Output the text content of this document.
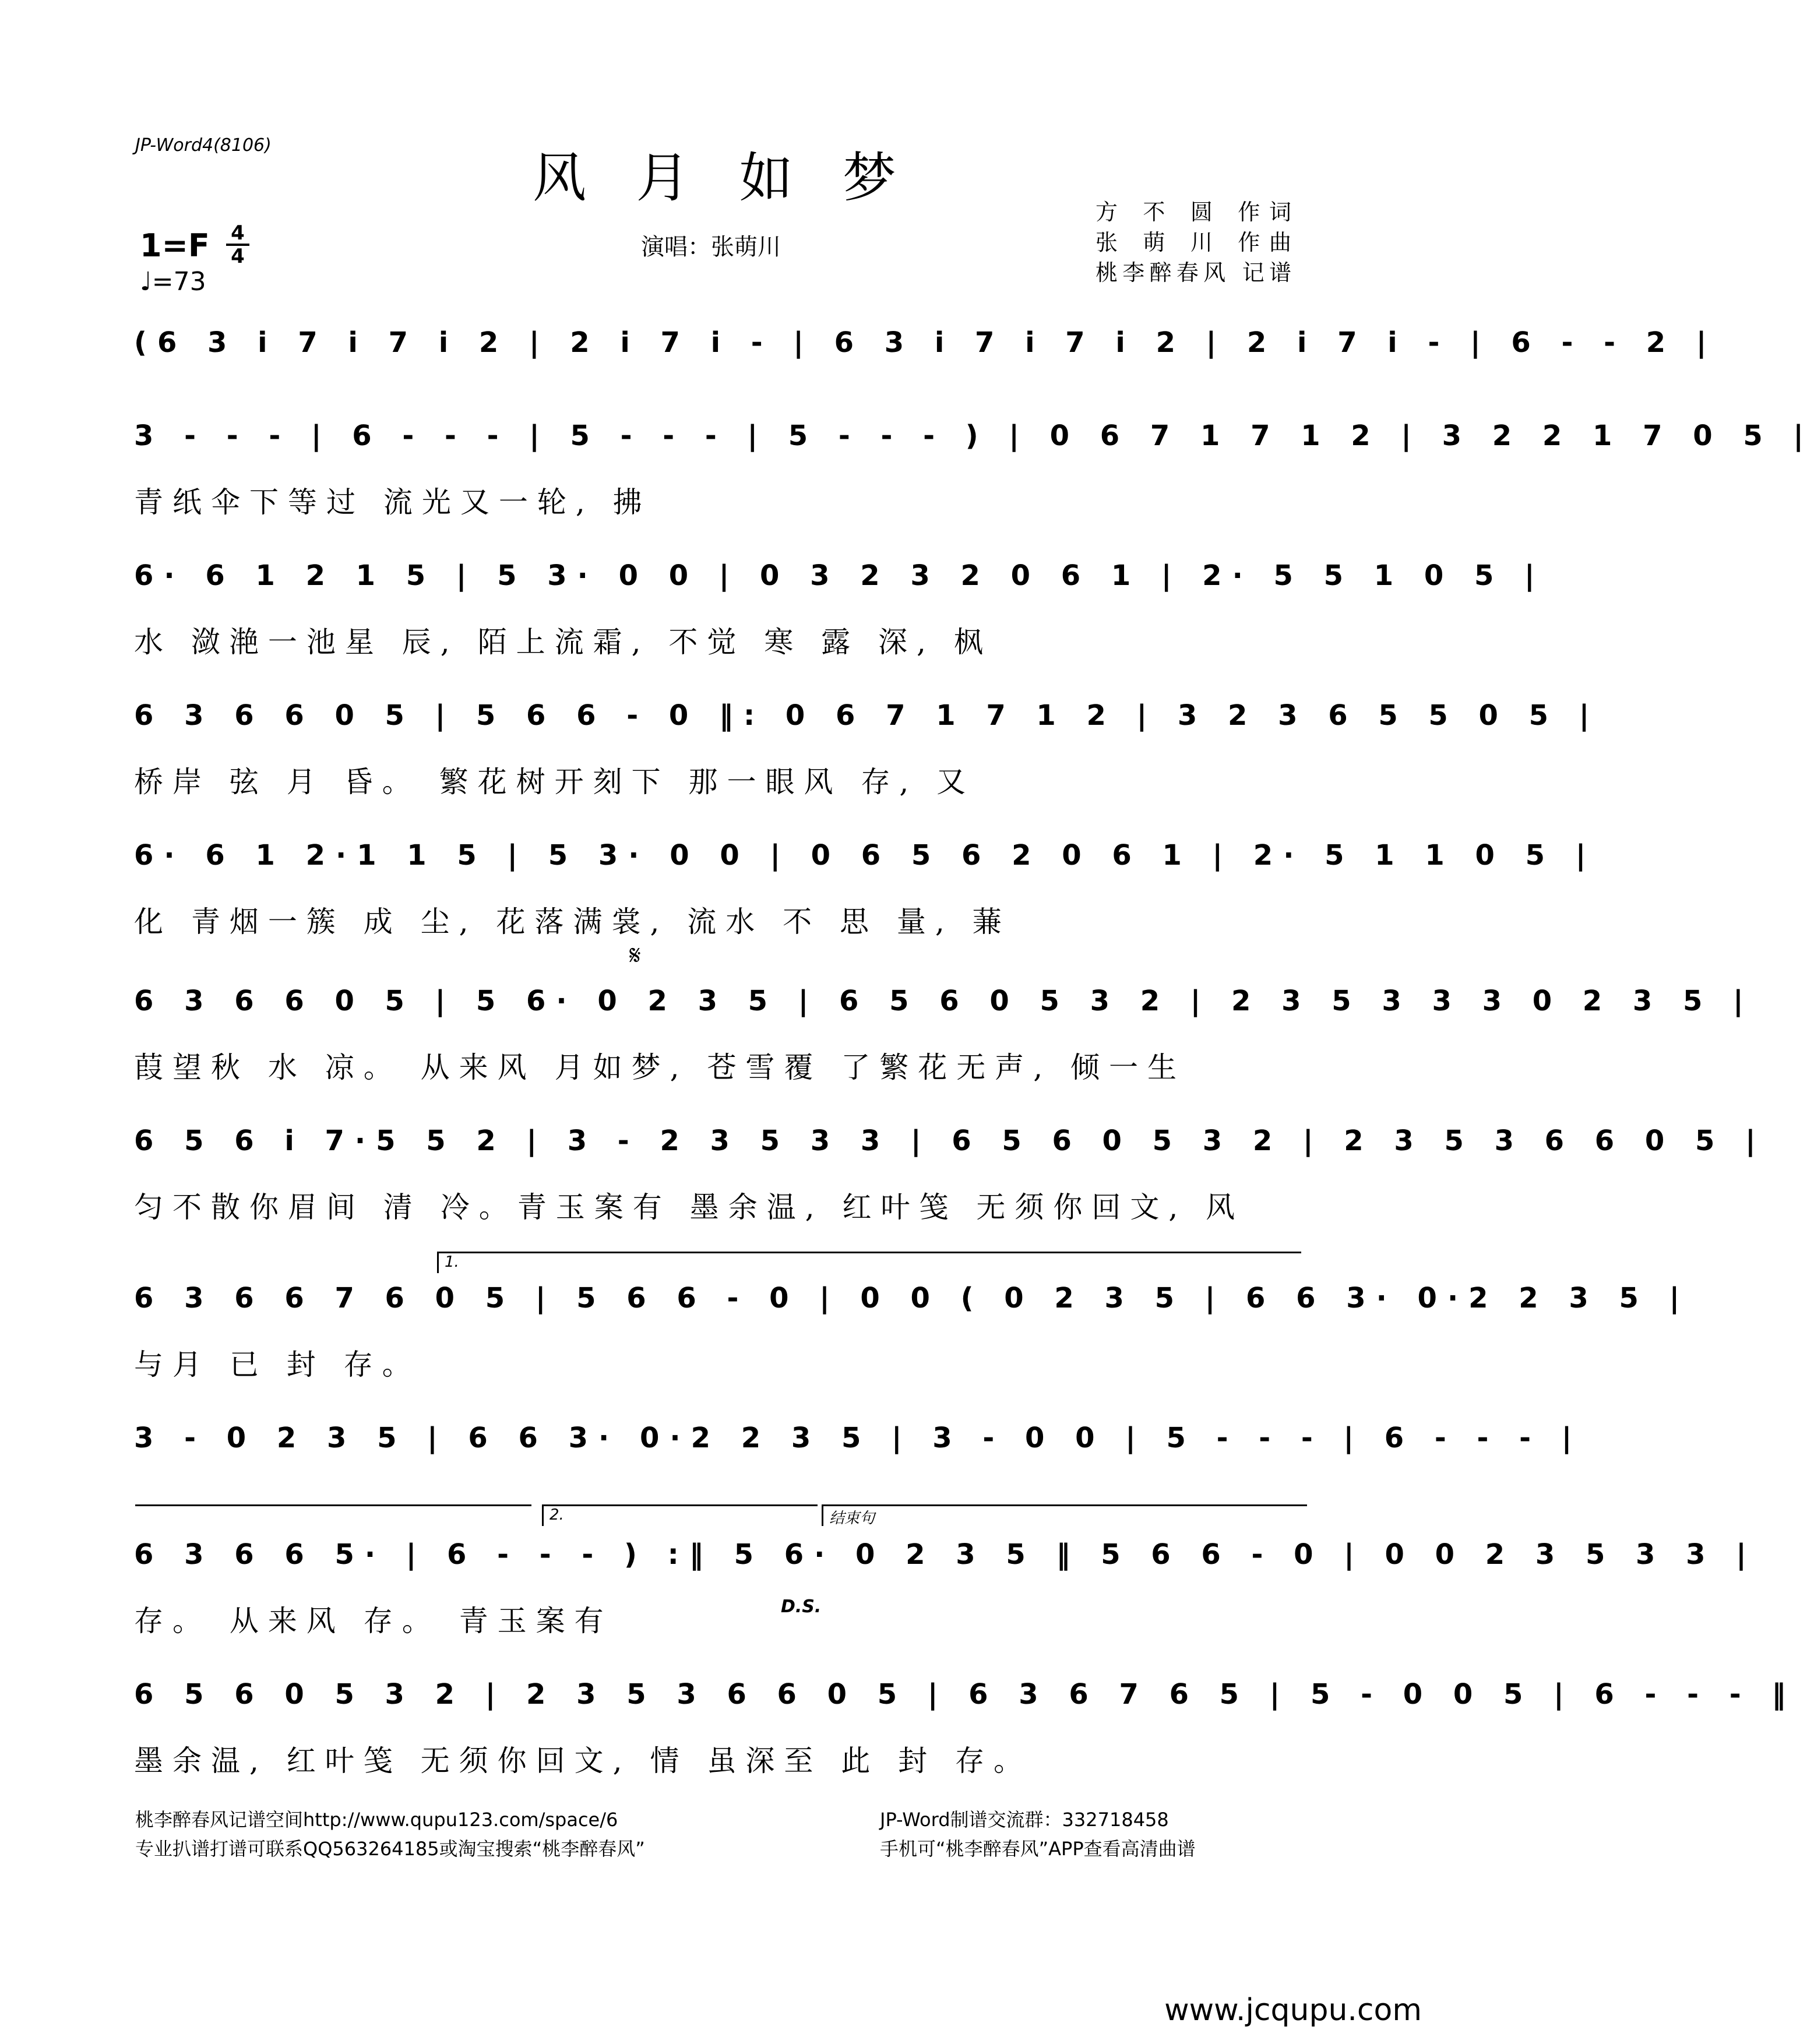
JP-Word4(8106)
风 月 如 梦
方 不 圆 作词
张 萌 川 作曲
桃李醉春风 记谱
演唱：张萌川
1=F 4
4
♩=73
(6 3 i 7 i 7 i 2 | 2 i 7 i - | 6 3 i 7 i 7 i 2 | 2 i 7 i - | 6 - - 2 |
3 - - - | 6 - - - | 5 - - - | 5 - - - ) | 0 6 7 1 7 1 2 | 3 2 2 1 7 0 5 |
青纸伞下等过 流光又一轮, 拂
6· 6 1 2 1 5 | 5 3· 0 0 | 0 3 2 3 2 0 6 1 | 2· 5 5 1 0 5 |
水 潋滟一池星 辰, 陌上流霜, 不觉 寒 露 深, 枫
6 3 6 6 0 5 | 5 6 6 - 0 ‖: 0 6 7 1 7 1 2 | 3 2 3 6 5 5 0 5 |
桥岸 弦 月 昏。 繁花树开刻下 那一眼风 存, 又
6· 6 1 2·1 1 5 | 5 3· 0 0 | 0 6 5 6 2 0 6 1 | 2· 5 1 1 0 5 |
化 青烟一簇 成 尘, 花落满裳, 流水 不 思 量, 蒹
𝄋
6 3 6 6 0 5 | 5 6· 0 2 3 5 | 6 5 6 0 5 3 2 | 2 3 5 3 3 3 0 2 3 5 |
葭望秋 水 凉。 从来风 月如梦, 苍雪覆 了繁花无声, 倾一生
6 5 6 i 7·5 5 2 | 3 - 2 3 5 3 3 | 6 5 6 0 5 3 2 | 2 3 5 3 6 6 0 5 |
匀不散你眉间 清 冷。青玉案有 墨余温, 红叶笺 无须你回文, 风
1.
6 3 6 6 7 6 0 5 | 5 6 6 - 0 | 0 0 ( 0 2 3 5 | 6 6 3· 0·2 2 3 5 |
与月 已 封 存。
3 - 0 2 3 5 | 6 6 3· 0·2 2 3 5 | 3 - 0 0 | 5 - - - | 6 - - - |
2.	结束句
6 3 6 6 5· | 6 - - - ) :‖ 5 6· 0 2 3 5 ‖ 5 6 6 - 0 | 0 0 2 3 5 3 3 |
存。 从来风 存。 青玉案有	D.S.
6 5 6 0 5 3 2 | 2 3 5 3 6 6 0 5 | 6 3 6 7 6 5 | 5 - 0 0 5 | 6 - - - ‖
墨余温, 红叶笺 无须你回文, 情 虽深至 此 封 存。
桃李醉春风记谱空间http://www.qupu123.com/space/6
专业扒谱打谱可联系QQ563264185或淘宝搜索“桃李醉春风”
JP-Word制谱交流群：332718458
手机可“桃李醉春风”APP查看高清曲谱
www.jcqupu.com
